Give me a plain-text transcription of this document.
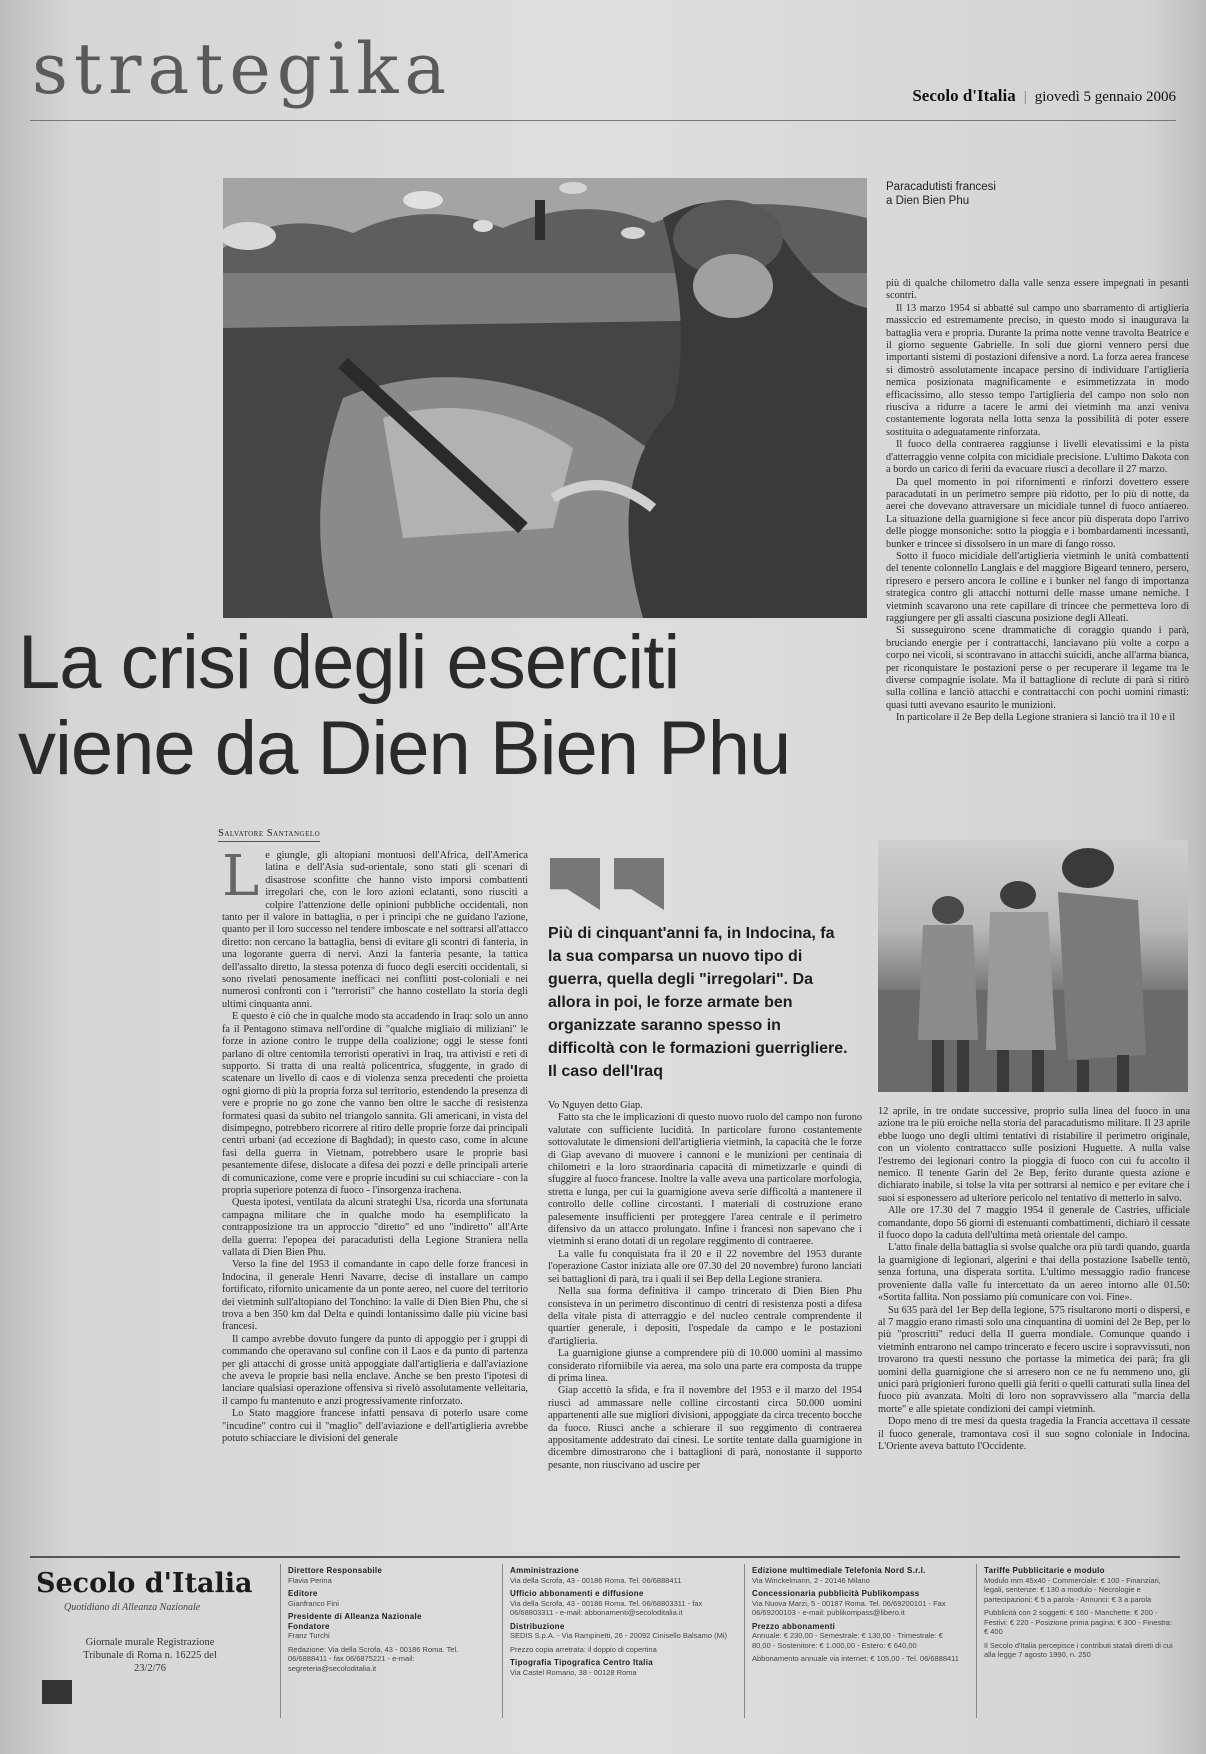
strategika	Secolo d'Italia | giovedì 5 gennaio 2006
Paracadutisti francesi
a Dien Bien Phu

più di qualche chilometro dalla valle senza essere impegnati in pesanti scontri.

Il 13 marzo 1954 si abbatté sul campo uno sbarramento di artiglieria massiccio ed estremamente preciso, in questo modo si inaugurava la battaglia vera e propria. Durante la prima notte venne travolta Beatrice e il giorno seguente Gabrielle. In soli due giorni vennero persi due importanti sistemi di postazioni difensive a nord. La forza aerea francese si dimostrò assolutamente incapace persino di individuare l'artiglieria nemica posizionata magnificamente e esimmetizzata in modo efficacissimo, allo stesso tempo l'artiglieria del campo non solo non riusciva a ridurre a tacere le armi dei vietminh ma anzi veniva costantemente logorata nella lotta senza la possibilità di poter essere sostituita o adeguatamente rinforzata.

Il fuoco della contraerea raggiunse i livelli elevatissimi e la pista d'atterraggio venne colpita con micidiale precisione. L'ultimo Dakota con a bordo un carico di feriti da evacuare riuscì a decollare il 27 marzo.

Da quel momento in poi rifornimenti e rinforzi dovettero essere paracadutati in un perimetro sempre più ridotto, per lo più di notte, da aerei che dovevano attraversare un micidiale tunnel di fuoco antiaereo. La situazione della guarnigione si fece ancor più disperata dopo l'arrivo delle piogge monsoniche: sotto la pioggia e i bombardamenti incessanti, bunker e trincee si dissolsero in un mare di fango rosso.

Sotto il fuoco micidiale dell'artiglieria vietminh le unità combattenti del tenente colonnello Langlais e del maggiore Bigeard tennero, persero, ripresero e persero ancora le colline e i bunker nel fango di importanza strategica contro gli attacchi notturni delle masse umane nemiche. I vietminh scavarono una rete capillare di trincee che permetteva loro di raggiungere per gli assalti ciascuna posizione degli Alleati.

Si susseguirono scene drammatiche di coraggio quando i parà, bruciando energie per i contrattacchi, lanciavano più volte a corpo a corpo nei vicoli, si scontravano in attacchi suicidi, anche all'arma bianca, per riconquistare le postazioni perse o per recuperare il legame tra le diverse compagnie isolate. Ma il battaglione di reclute di parà si ritirò sulla collina e lanciò attacchi e contrattacchi con pochi uomini rimasti: quasi tutti avevano esaurito le munizioni.

In particolare il 2e Bep della Legione straniera si lanciò tra il 10 e il

La crisi degli eserciti
viene da Dien Bien Phu
Salvatore Santangelo
L e giungle, gli altopiani montuosi dell'Africa, dell'America latina e dell'Asia sud-orientale, sono stati gli scenari di disastrose sconfitte che hanno visto imporsi combattenti irregolari che, con le loro azioni eclatanti, sono riusciti a colpire l'attenzione delle opinioni pubbliche occidentali, non tanto per il valore in battaglia, o per i principi che ne guidano l'azione, quanto per il loro successo nel tendere imboscate e nel sottrarsi all'attacco diretto: non cercano la battaglia, bensì di evitare gli scontri di fanteria, in una logorante guerra di nervi. Anzi la fanteria pesante, la tattica dell'assalto diretto, la stessa potenza di fuoco degli eserciti occidentali, si sono rivelati penosamente inefficaci nei conflitti post-coloniali e nei numerosi confronti con i "terroristi" che hanno costellato la storia degli ultimi cinquanta anni.

E questo è ciò che in qualche modo sta accadendo in Iraq: solo un anno fa il Pentagono stimava nell'ordine di "qualche migliaio di miliziani" le forze in azione contro le truppe della coalizione; oggi le stesse fonti parlano di oltre centomila terroristi operativi in Iraq, tra attivisti e reti di supporto. Si tratta di una realtà policentrica, sfuggente, in grado di scatenare un livello di caos e di violenza senza precedenti che proietta ogni giorno di più la propria forza sul territorio, estendendo la presenza di vere e proprie no go zone che vanno ben oltre le sacche di resistenza formatesi quasi da subito nel triangolo sannita. Gli americani, in vista del disimpegno, potrebbero ricorrere al ritiro delle proprie forze dai principali centri urbani (ad eccezione di Baghdad); in questo caso, come in alcune fasi della guerra in Vietnam, potrebbero usare le proprie basi pesantemente difese, dislocate a difesa dei pozzi e delle principali arterie di comunicazione, come vere e proprie incudini su cui schiacciare - con la propria superiore potenza di fuoco - l'insorgenza irachena.

Questa ipotesi, ventilata da alcuni strateghi Usa, ricorda una sfortunata campagna militare che in qualche modo ha esemplificato la contrapposizione tra un approccio "diretto" ed uno "indiretto" all'Arte della guerra: l'epopea dei paracadutisti della Legione Straniera nella vallata di Dien Bien Phu.

Verso la fine del 1953 il comandante in capo delle forze francesi in Indocina, il generale Henri Navarre, decise di installare un campo fortificato, rifornito unicamente da un ponte aereo, nel cuore del territorio dei vietminh sull'altopiano del Tonchino: la valle di Dien Bien Phu, che si trova a ben 350 km dal Delta e quindi lontanissimo dalle più vicine basi francesi.

Il campo avrebbe dovuto fungere da punto di appoggio per i gruppi di commando che operavano sul confine con il Laos e da punto di partenza per gli attacchi di grosse unità appoggiate dall'artiglieria e dall'aviazione che aveva le proprie basi nella enclave. Anche se ben presto l'ipotesi di lanciare qualsiasi operazione offensiva si rivelò assolutamente velleitaria, il campo fu mantenuto e anzi progressivamente rinforzato.

Lo Stato maggiore francese infatti pensava di poterlo usare come "incudine" contro cui il "maglio" dell'aviazione e dell'artiglieria avrebbe potuto schiacciare le divisioni del generale

Più di cinquant'anni fa, in Indocina, fa la sua comparsa un nuovo tipo di guerra, quella degli "irregolari". Da allora in poi, le forze armate ben organizzate saranno spesso in difficoltà con le formazioni guerrigliere. Il caso dell'Iraq

Vo Nguyen detto Giap.

Fatto sta che le implicazioni di questo nuovo ruolo del campo non furono valutate con sufficiente lucidità. In particolare furono costantemente sottovalutate le dimensioni dell'artiglieria vietminh, la capacità che le forze di Giap avevano di muovere i cannoni e le munizioni per centinaia di chilometri e la loro straordinaria capacità di mimetizzarle e quindi di sfuggire al fuoco francese. Inoltre la valle aveva una particolare morfologia, stretta e lunga, per cui la guarnigione aveva serie difficoltà a mantenere il controllo delle colline circostanti. I materiali di costruzione erano palesemente insufficienti per proteggere l'area centrale e il perimetro difensivo da un attacco prolungato. Infine i francesi non sapevano che i vietminh si erano dotati di un regolare reggimento di contraeree.

La valle fu conquistata fra il 20 e il 22 novembre del 1953 durante l'operazione Castor iniziata alle ore 07.30 del 20 novembre) furono lanciati sei battaglioni di parà, tra i quali il sei Bep della Legione straniera.

Nella sua forma definitiva il campo trincerato di Dien Bien Phu consisteva in un perimetro discontinuo di centri di resistenza posti a difesa della vitale pista di atterraggio e del nucleo centrale comprendente il quartier generale, i depositi, l'ospedale da campo e le postazioni d'artiglieria.

La guarnigione giunse a comprendere più di 10.000 uomini al massimo considerato riforniibile via aerea, ma solo una parte era composta da truppe di prima linea.

Giap accettò la sfida, e fra il novembre del 1953 e il marzo del 1954 riuscì ad ammassare nelle colline circostanti circa 50.000 uomini appartenenti alle sue migliori divisioni, appoggiate da circa trecento bocche da fuoco. Riuscì anche a schierare il suo reggimento di contraerea appositamente addestrato dai cinesi. Le sortite tentate dalla guarnigione in dicembre dimostrarono che i battaglioni di parà, nonostante il supporto pesante, non riuscivano ad uscire per

12 aprile, in tre ondate successive, proprio sulla linea del fuoco in una azione tra le più eroiche nella storia del paracadutismo militare. Il 23 aprile ebbe luogo uno degli ultimi tentativi di ristabilire il perimetro originale, con un violento contrattacco sulle posizioni Huguette. A nulla valse l'estremo dei legionari contro la pioggia di fuoco con cui fu accolto il nemico. Il tenente Garin del 2e Bep, ferito durante questa azione e dichiarato inabile, si tolse la vita per sottrarsi al nemico e per evitare che i suoi si esponessero ad ulteriore pericolo nel tentativo di metterlo in salvo.

Alle ore 17.30 del 7 maggio 1954 il generale de Castries, ufficiale comandante, dopo 56 giorni di estenuanti combattimenti, dichiarò il cessate il fuoco dopo la caduta dell'ultima metà orientale del campo.

L'atto finale della battaglia si svolse qualche ora più tardi quando, guarda la guarnigione di legionari, algerini e thai della postazione Isabelle tentò, senza fortuna, una disperata sortita. L'ultimo messaggio radio francese proveniente dalla valle fu intercettato da un aereo intorno alle 01.50: «Sortita fallita. Non possiamo più comunicare con voi. Fine».

Su 635 parà del 1er Bep della legione, 575 risultarono morti o dispersi, e al 7 maggio erano rimasti solo una cinquantina di uomini del 2e Bep, per lo più "proscritti" reduci della II guerra mondiale. Comunque quando i vietminh entrarono nel campo trincerato e fecero uscire i sopravvissuti, non trovarono tra questi nessuno che portasse la mimetica dei parà; fra gli uomini della guarnigione che si arresero non ce ne fu nemmeno uno, gli unici parà prigionieri furono quelli già feriti o quelli catturati sulla linea del fuoco più avanzata. Molti di loro non sopravvissero alla "marcia della morte" e alle spietate condizioni dei campi vietminh.

Dopo meno di tre mesi da questa tragedia la Francia accettava il cessate il fuoco generale, tramontava così il suo sogno coloniale in Indocina. L'Oriente aveva battuto l'Occidente.

Secolo d'Italia
Quotidiano di Alleanza Nazionale
Giornale murale Registrazione Tribunale di Roma n. 16225 del 23/2/76
Direttore Responsabile
Flavia Perina
Editore
Gianfranco Fini
Presidente di Alleanza Nazionale
Fondatore
Franz Turchi
Redazione: Via della Scrofa, 43 - 00186 Roma. Tel. 06/6888411 - fax 06/6875221 - e-mail: segreteria@secoloditalia.it
Amministrazione
Via della Scrofa, 43 - 00186 Roma. Tel. 06/6888411
Ufficio abbonamenti e diffusione
Via della Scrofa, 43 - 00186 Roma. Tel. 06/68803311 - fax 06/68803311 - e-mail: abbonamenti@secoloditalia.it
Distribuzione
SEDIS S.p.A. - Via Rampinetti, 26 - 20092 Cinisello Balsamo (Mi)
Prezzo copia arretrata: il doppio di copertina
Tipografia Tipografica Centro Italia
Via Castel Romano, 38 - 00128 Roma
Edizione multimediale Telefonia Nord S.r.l.
Via Winckelmann, 2 - 20146 Milano
Concessionaria pubblicità Publikompass
Via Nuova Marzi, 5 - 00187 Roma. Tel. 06/69200101 - Fax 06/69200103 - e-mail: publikompass@libero.it
Prezzo abbonamenti
Annuale: € 230,00 - Semestrale: € 130,00 - Trimestrale: € 80,00 - Sostenitore: € 1.000,00 - Estero: € 640,00
Abbonamento annuale via internet: € 105,00 - Tel. 06/6888411
Tariffe Pubblicitarie e modulo
Modulo mm 45x40 - Commerciale: € 100 - Finanziari, legali, sentenze: € 130 a modulo - Necrologie e partecipazioni: € 5 a parola - Annunci: € 3 a parola
Pubblicità con 2 soggetti: € 160 - Manchette: € 200 - Festivi: € 220 - Posizione prima pagina: € 300 - Finestra: € 400
Il Secolo d'Italia percepisce i contributi statali diretti di cui alla legge 7 agosto 1990, n. 250
